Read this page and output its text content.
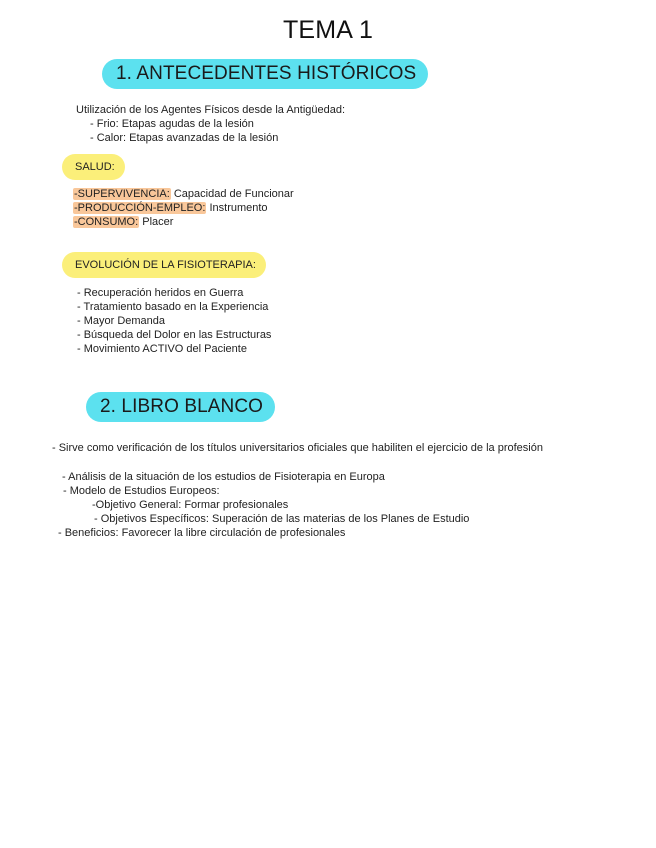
TEMA 1
1. ANTECEDENTES HISTÓRICOS
Utilización de los Agentes Físicos desde la Antigüedad:
- Frio: Etapas agudas de la lesión
- Calor: Etapas avanzadas de la lesión
SALUD:
-SUPERVIVENCIA: Capacidad de Funcionar
-PRODUCCIÓN-EMPLEO: Instrumento
-CONSUMO: Placer
EVOLUCIÓN DE LA FISIOTERAPIA:
- Recuperación heridos en Guerra
- Tratamiento basado en la Experiencia
- Mayor Demanda
- Búsqueda del Dolor en las Estructuras
- Movimiento ACTIVO del Paciente
2. LIBRO BLANCO
- Sirve como verificación de los títulos universitarios oficiales que habiliten el ejercicio de la profesión
- Análisis de la situación de los estudios de Fisioterapia en Europa
- Modelo de Estudios Europeos:
-Objetivo General: Formar profesionales
- Objetivos Específicos: Superación de las materias de los Planes de Estudio
- Beneficios: Favorecer la libre circulación de profesionales
